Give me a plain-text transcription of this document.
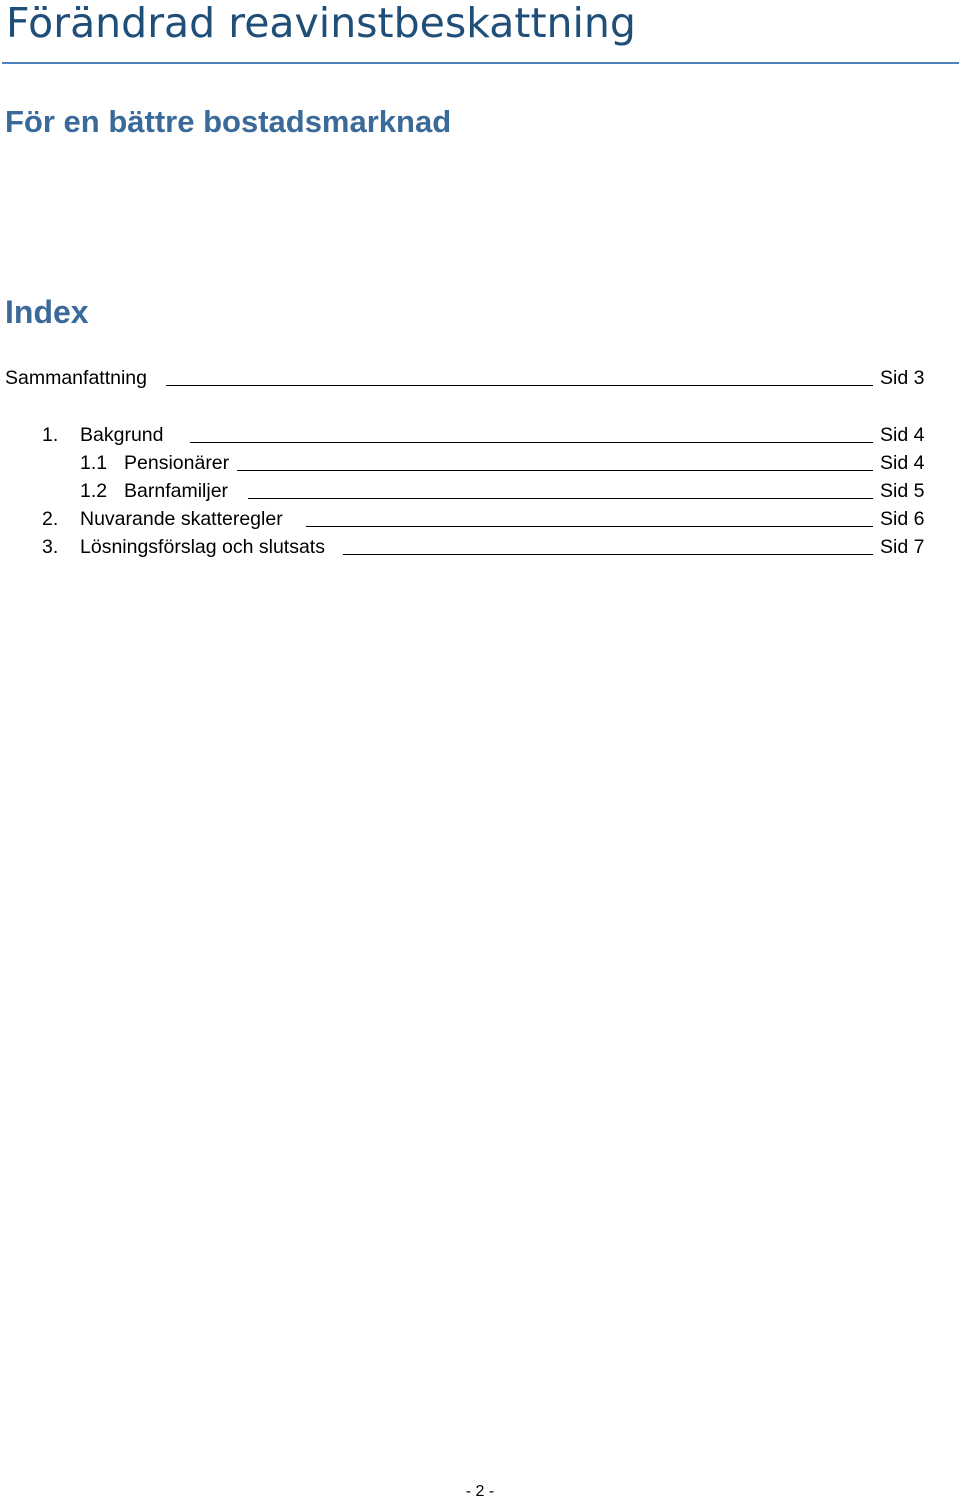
Förändrad reavinstbeskattning
För en bättre bostadsmarknad
Index
Sammanfattning	Sid 3
1. Bakgrund	Sid 4
1.1 Pensionärer	Sid 4
1.2 Barnfamiljer	Sid 5
2. Nuvarande skatteregler	Sid 6
3. Lösningsförslag och slutsats	Sid 7
- 2 -
